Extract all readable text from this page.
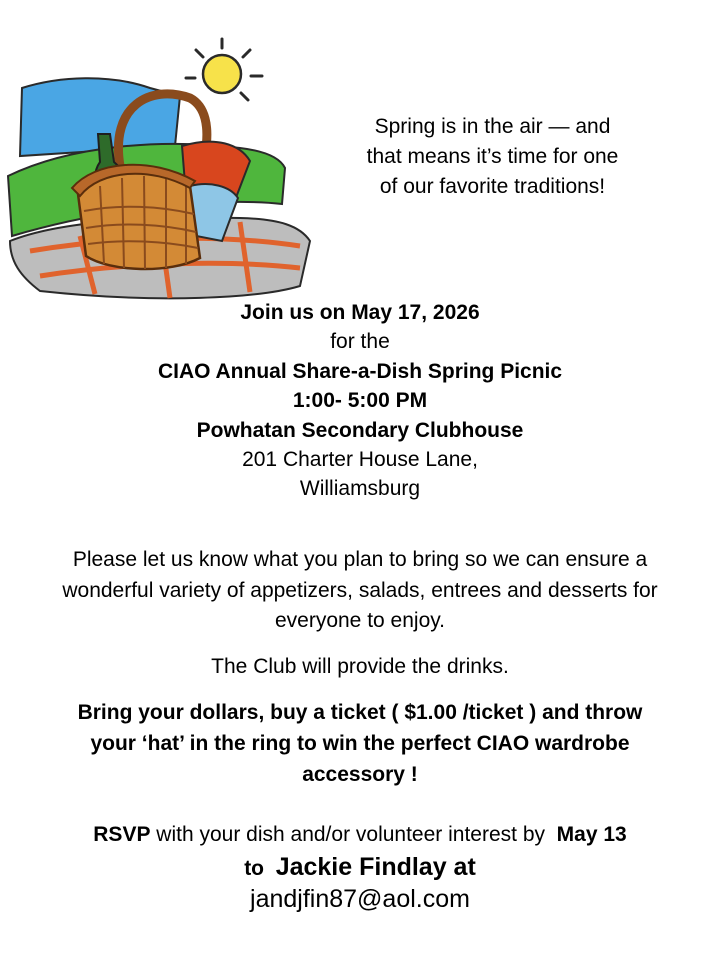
Spring is in the air — and
that means it’s time for one
of our favorite traditions!
Join us on May 17, 2026
for the
CIAO Annual Share-a-Dish Spring Picnic
1:00- 5:00 PM
Powhatan Secondary Clubhouse
201 Charter House Lane,
Williamsburg
Please let us know what you plan to bring so we can ensure a
wonderful variety of appetizers, salads, entrees and desserts for
everyone to enjoy.
The Club will provide the drinks.
Bring your dollars, buy a ticket ( $1.00 /ticket ) and throw
your ‘hat’ in the ring to win the perfect CIAO wardrobe
accessory !
RSVP with your dish and/or volunteer interest by  May 13
to  Jackie Findlay at
jandjfin87@aol.com
